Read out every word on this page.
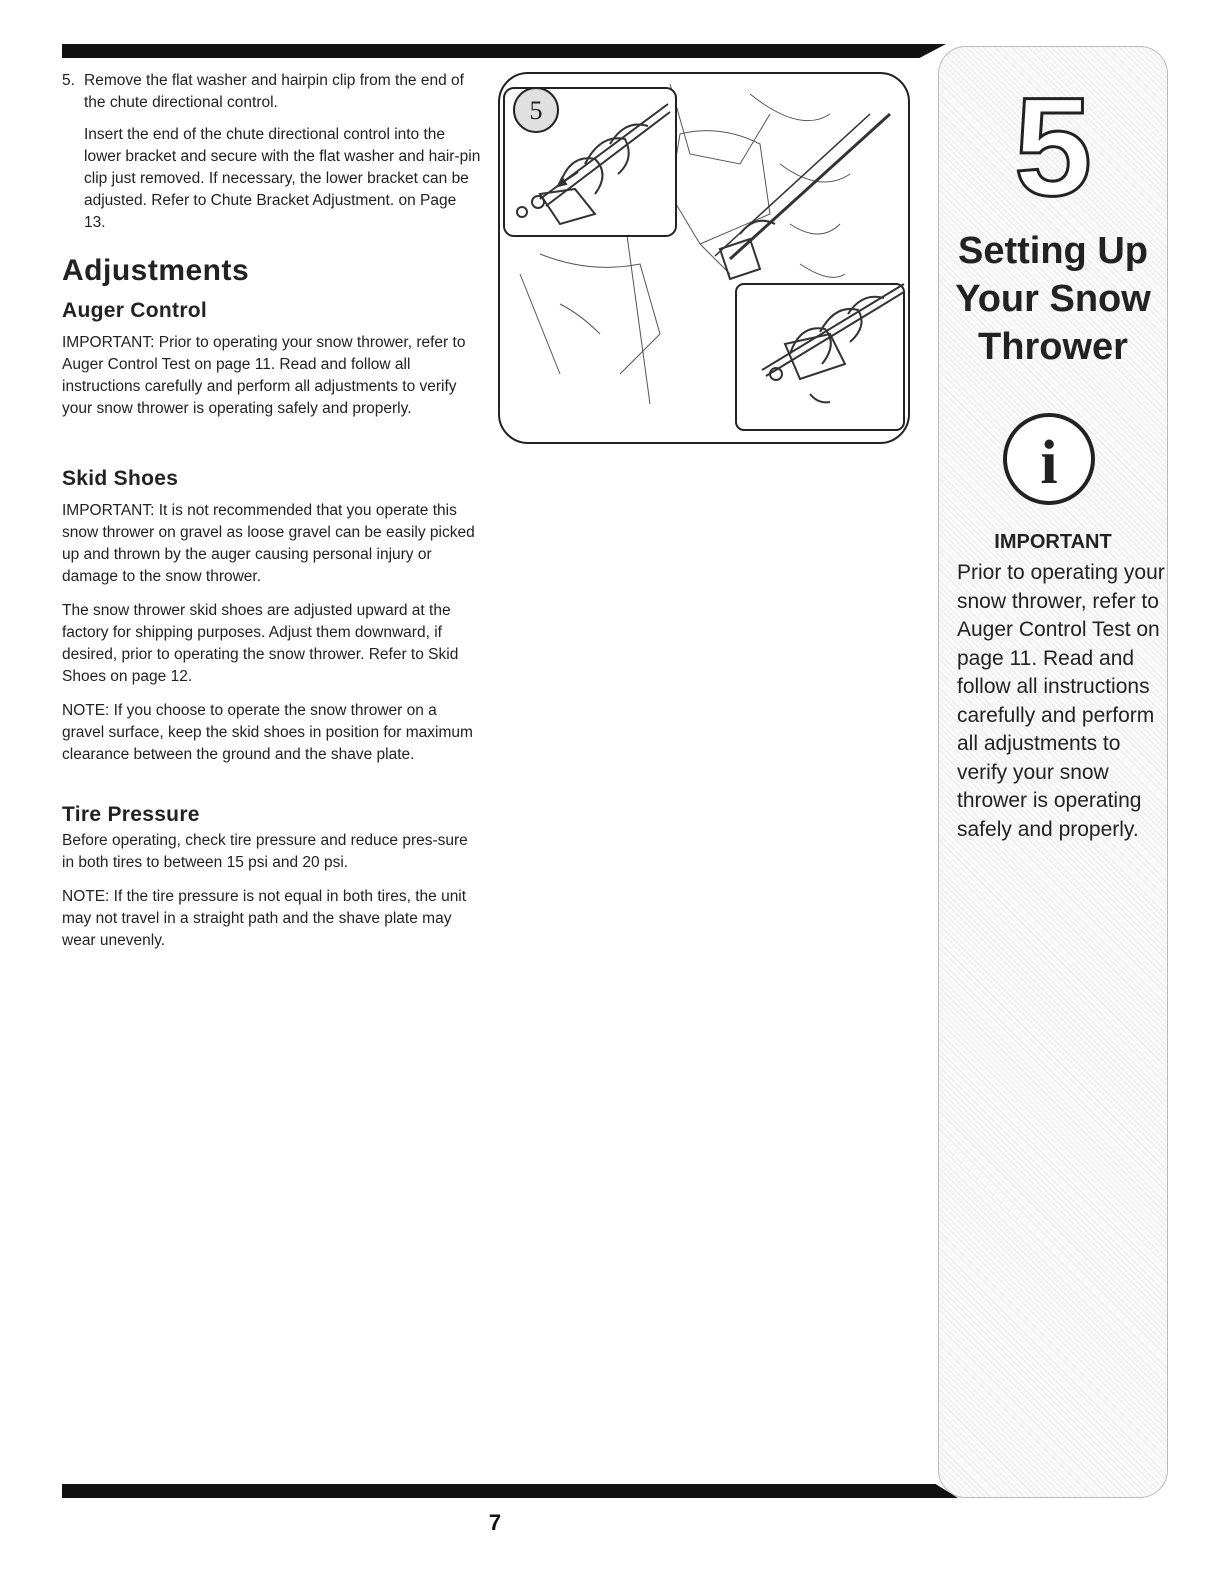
5. Remove the flat washer and hairpin clip from the end of the chute directional control.

Insert the end of the chute directional control into the lower bracket and secure with the flat washer and hair-pin clip just removed. If necessary, the lower bracket can be adjusted. Refer to Chute Bracket Adjustment. on Page 13.

Adjustments
Auger Control

IMPORTANT: Prior to operating your snow thrower, refer to Auger Control Test on page 11. Read and follow all instructions carefully and perform all adjustments to verify your snow thrower is operating safely and properly.

Skid Shoes

IMPORTANT: It is not recommended that you operate this snow thrower on gravel as loose gravel can be easily picked up and thrown by the auger causing personal injury or damage to the snow thrower.

The snow thrower skid shoes are adjusted upward at the factory for shipping purposes. Adjust them downward, if desired, prior to operating the snow thrower. Refer to Skid Shoes on page 12.

NOTE: If you choose to operate the snow thrower on a gravel surface, keep the skid shoes in position for maximum clearance between the ground and the shave plate.

Tire Pressure

Before operating, check tire pressure and reduce pres-sure in both tires to between 15 psi and 20 psi.

NOTE: If the tire pressure is not equal in both tires, the unit may not travel in a straight path and the shave plate may wear unevenly.

5	5
Setting Up
Your Snow
Thrower
i
IMPORTANT
Prior to operating your snow thrower, refer to Auger Control Test on page 11. Read and follow all instructions carefully and perform all adjustments to verify your snow thrower is operating safely and properly.
7
